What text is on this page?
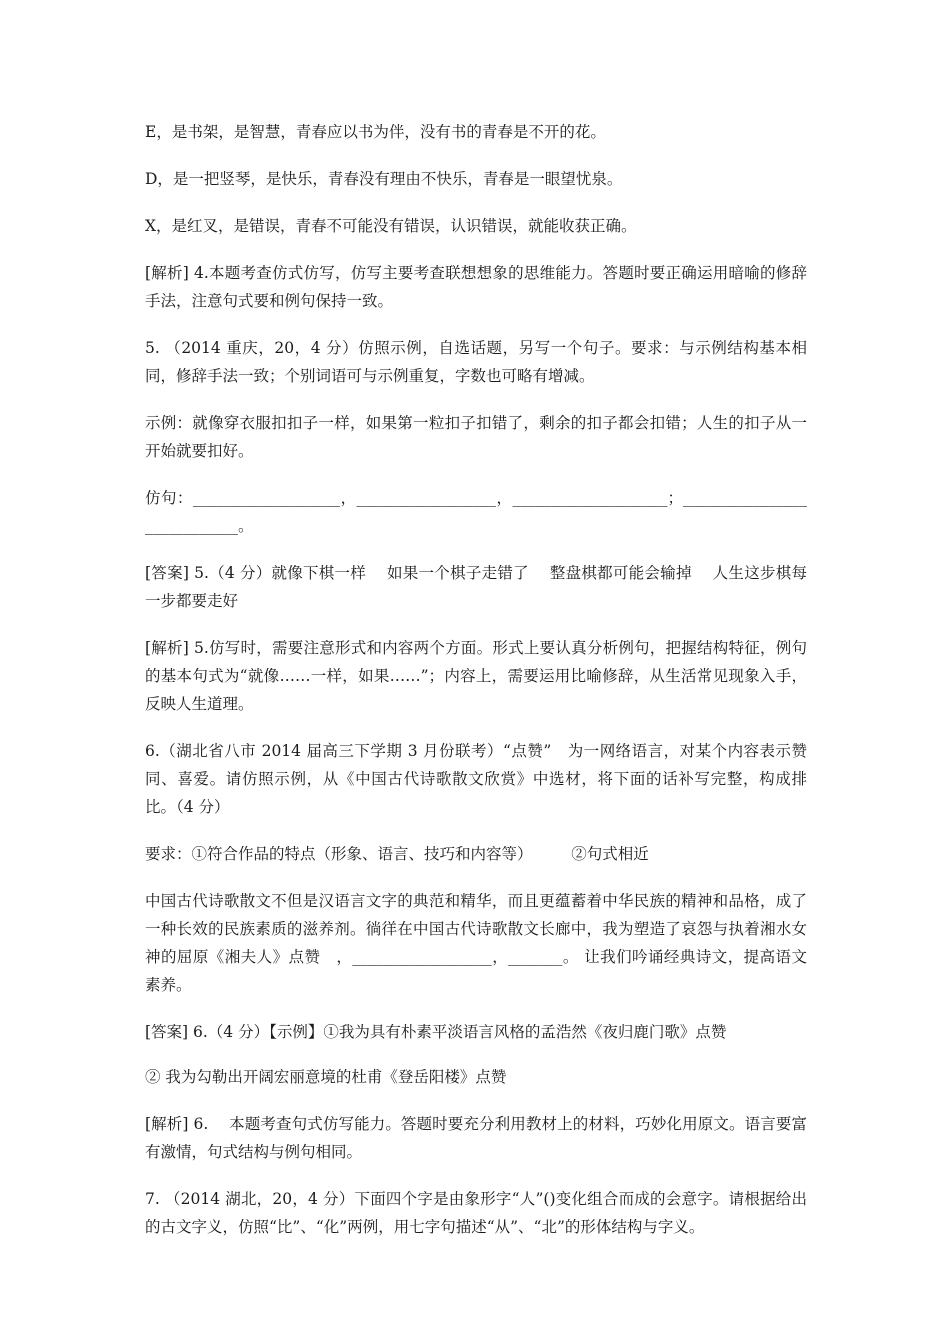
E，是书架，是智慧，青春应以书为伴，没有书的青春是不开的花。

D，是一把竖琴，是快乐，青春没有理由不快乐，青春是一眼望忧泉。

X，是红叉，是错误，青春不可能没有错误，认识错误，就能收获正确。

[解析] 4.本题考查仿式仿写，仿写主要考查联想想象的思维能力。答题时要正确运用暗喻的修辞手法，注意句式要和例句保持一致。

5. （2014 重庆，20，4 分）仿照示例，自选话题，另写一个句子。要求：与示例结构基本相同，修辞手法一致；个别词语可与示例重复，字数也可略有增减。

示例：就像穿衣服扣扣子一样，如果第一粒扣子扣错了，剩余的扣子都会扣错；人生的扣子从一开始就要扣好。

仿句：___________________，__________________，____________________；____________________________。

[答案] 5.（4 分）就像下棋一样　 如果一个棋子走错了　 整盘棋都可能会输掉　 人生这步棋每一步都要走好

[解析] 5.仿写时，需要注意形式和内容两个方面。形式上要认真分析例句，把握结构特征，例句的基本句式为“就像……一样，如果……”；内容上，需要运用比喻修辞，从生活常见现象入手，反映人生道理。

6.（湖北省八市 2014 届高三下学期 3 月份联考）“点赞”　为一网络语言，对某个内容表示赞同、喜爱。请仿照示例，从《中国古代诗歌散文欣赏》中选材，将下面的话补写完整，构成排比。（4 分）

要求：①符合作品的特点（形象、语言、技巧和内容等）　　　②句式相近

中国古代诗歌散文不但是汉语言文字的典范和精华，而且更蕴蓄着中华民族的精神和品格，成了一种长效的民族素质的滋养剂。徜徉在中国古代诗歌散文长廊中，我为塑造了哀怨与执着湘水女神的屈原《湘夫人》点赞　，__________________，_______。 让我们吟诵经典诗文，提高语文素养。

[答案] 6.（4 分）【示例】①我为具有朴素平淡语言风格的孟浩然《夜归鹿门歌》点赞

② 我为勾勒出开阔宏丽意境的杜甫《登岳阳楼》点赞

[解析] 6.　 本题考查句式仿写能力。答题时要充分利用教材上的材料，巧妙化用原文。语言要富有激情，句式结构与例句相同。

7. （2014 湖北，20，4 分）下面四个字是由象形字“人”()变化组合而成的会意字。请根据给出的古文字义，仿照“比”、“化”两例，用七字句描述“从”、“北”的形体结构与字义。
